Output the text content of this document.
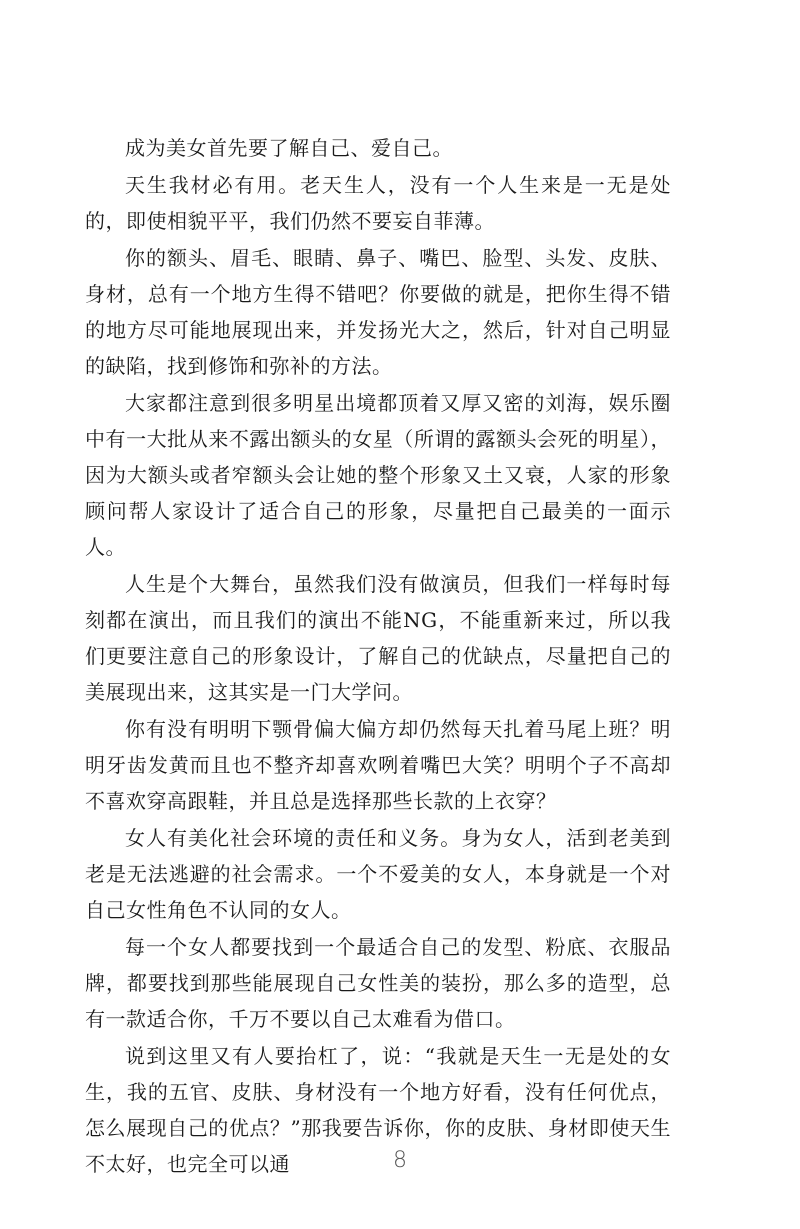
成为美女首先要了解自己、爱自己。

天生我材必有用。老天生人，没有一个人生来是一无是处的，即使相貌平平，我们仍然不要妄自菲薄。

你的额头、眉毛、眼睛、鼻子、嘴巴、脸型、头发、皮肤、身材，总有一个地方生得不错吧？你要做的就是，把你生得不错的地方尽可能地展现出来，并发扬光大之，然后，针对自己明显的缺陷，找到修饰和弥补的方法。

大家都注意到很多明星出境都顶着又厚又密的刘海，娱乐圈中有一大批从来不露出额头的女星（所谓的露额头会死的明星），因为大额头或者窄额头会让她的整个形象又土又衰，人家的形象顾问帮人家设计了适合自己的形象，尽量把自己最美的一面示人。

人生是个大舞台，虽然我们没有做演员，但我们一样每时每刻都在演出，而且我们的演出不能NG，不能重新来过，所以我们更要注意自己的形象设计，了解自己的优缺点，尽量把自己的美展现出来，这其实是一门大学问。

你有没有明明下颚骨偏大偏方却仍然每天扎着马尾上班？明明牙齿发黄而且也不整齐却喜欢咧着嘴巴大笑？明明个子不高却不喜欢穿高跟鞋，并且总是选择那些长款的上衣穿？

女人有美化社会环境的责任和义务。身为女人，活到老美到老是无法逃避的社会需求。一个不爱美的女人，本身就是一个对自己女性角色不认同的女人。

每一个女人都要找到一个最适合自己的发型、粉底、衣服品牌，都要找到那些能展现自己女性美的装扮，那么多的造型，总有一款适合你，千万不要以自己太难看为借口。

说到这里又有人要抬杠了，说：“我就是天生一无是处的女生，我的五官、皮肤、身材没有一个地方好看，没有任何优点，怎么展现自己的优点？”那我要告诉你，你的皮肤、身材即使天生不太好，也完全可以通	8
